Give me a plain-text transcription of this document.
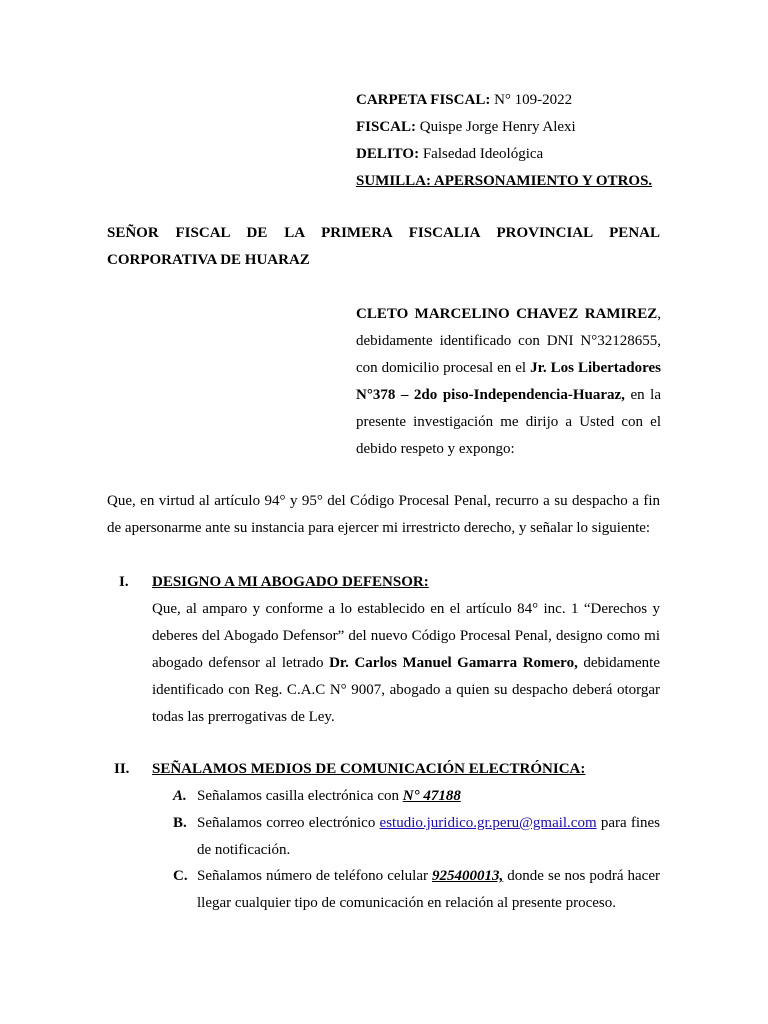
CARPETA FISCAL: N° 109-2022
FISCAL: Quispe Jorge Henry Alexi
DELITO: Falsedad Ideológica
SUMILLA: APERSONAMIENTO Y OTROS.
SEÑOR FISCAL DE LA PRIMERA FISCALIA PROVINCIAL PENAL
CORPORATIVA DE HUARAZ
CLETO MARCELINO CHAVEZ RAMIREZ, debidamente identificado con DNI N°32128655, con domicilio procesal en el Jr. Los Libertadores N°378 – 2do piso-Independencia-Huaraz, en la presente investigación me dirijo a Usted con el debido respeto y expongo:
Que, en virtud al artículo 94° y 95° del Código Procesal Penal, recurro a su despacho a fin de apersonarme ante su instancia para ejercer mi irrestricto derecho, y señalar lo siguiente:
I. DESIGNO A MI ABOGADO DEFENSOR:
Que, al amparo y conforme a lo establecido en el artículo 84° inc. 1 “Derechos y deberes del Abogado Defensor” del nuevo Código Procesal Penal, designo como mi abogado defensor al letrado Dr. Carlos Manuel Gamarra Romero, debidamente identificado con Reg. C.A.C N° 9007, abogado a quien su despacho deberá otorgar todas las prerrogativas de Ley.
II. SEÑALAMOS MEDIOS DE COMUNICACIÓN ELECTRÓNICA:
A. Señalamos casilla electrónica con N° 47188
B. Señalamos correo electrónico estudio.juridico.gr.peru@gmail.com para fines de notificación.
C. Señalamos número de teléfono celular 925400013, donde se nos podrá hacer llegar cualquier tipo de comunicación en relación al presente proceso.
